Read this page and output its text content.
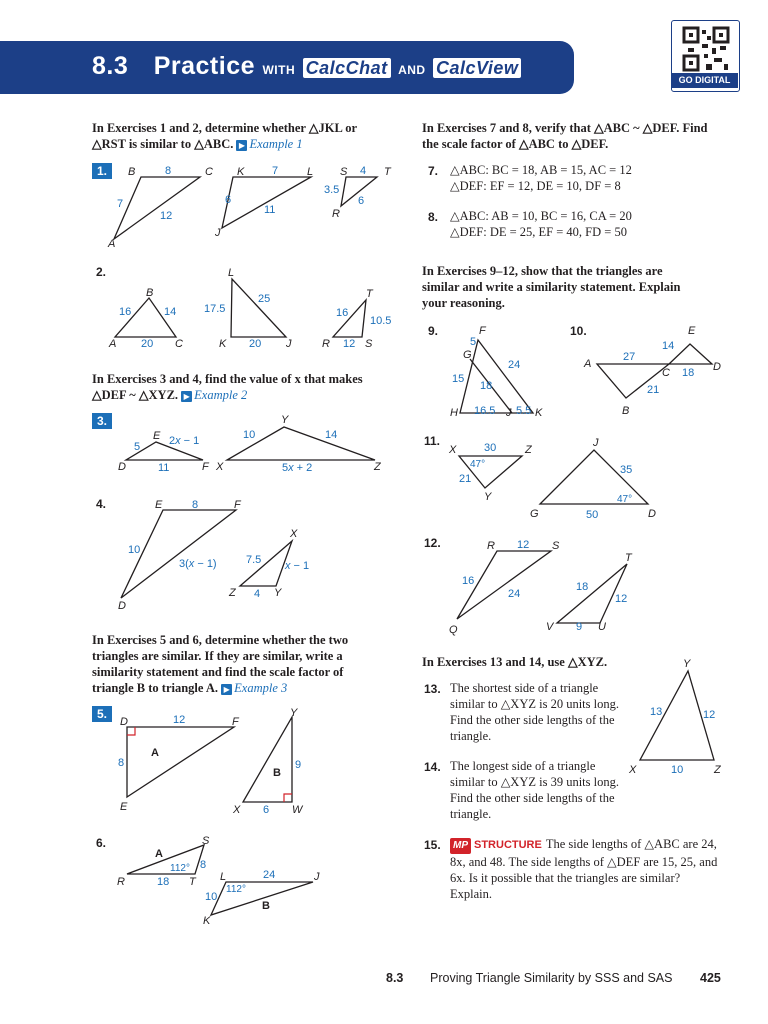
8.3 Practice WITH CalcChat AND CalcView
GO DIGITAL
In Exercises 1 and 2, determine whether △JKL or △RST is similar to △ABC. ▶ Example 1
1.
2.
In Exercises 3 and 4, find the value of x that makes △DEF ~ △XYZ. ▶ Example 2
3.
4.
In Exercises 5 and 6, determine whether the two triangles are similar. If they are similar, write a similarity statement and find the scale factor of triangle B to triangle A. ▶ Example 3
5.
6.
In Exercises 7 and 8, verify that △ABC ~ △DEF. Find the scale factor of △ABC to △DEF.
7. △ABC: BC = 18, AB = 15, AC = 12
△DEF: EF = 12, DE = 10, DF = 8
8. △ABC: AB = 10, BC = 16, CA = 20
△DEF: DE = 25, EF = 40, FD = 50
In Exercises 9–12, show that the triangles are similar and write a similarity statement. Explain your reasoning.
9.	10.
11.
12.
In Exercises 13 and 14, use △XYZ.
13. The shortest side of a triangle similar to △XYZ is 20 units long. Find the other side lengths of the triangle.
14. The longest side of a triangle similar to △XYZ is 39 units long. Find the other side lengths of the triangle.
15.	MP STRUCTURE The side lengths of △ABC are 24, 8x, and 48. The side lengths of △DEF are 15, 25, and 6x. Is it possible that the triangles are similar? Explain.
8.3 Proving Triangle Similarity by SSS and SAS 425
B	C
A
K	L
J
S	T
R
B
A	C
L
K	J
T
R	S
E
D	F
Y
X	Z
E	F
D
X
Z	Y
D	F
E
Y
X	W
S
R	T L	J
K
F
G
H	J K
E
A
C	D
B
X	Z
Y
J
G	D
R	S
Q
T
V	U
Y
X	Z
8
7
12
7
6
11
4
3.5
6
16	14
20
17.5
25
20
16
10.5
12
5	2x − 1
11
10	14
5x + 2
8
10
3(x − 1)	7.5 x − 1
4
12
8	9
6
112° 8
18
24
10
112°
5
15
24
18
16.5 5.5
27
14
18
21
30
47°
21
35
47°
50
12
16
24
18
12
9
13	12
10
A
B
A
B
